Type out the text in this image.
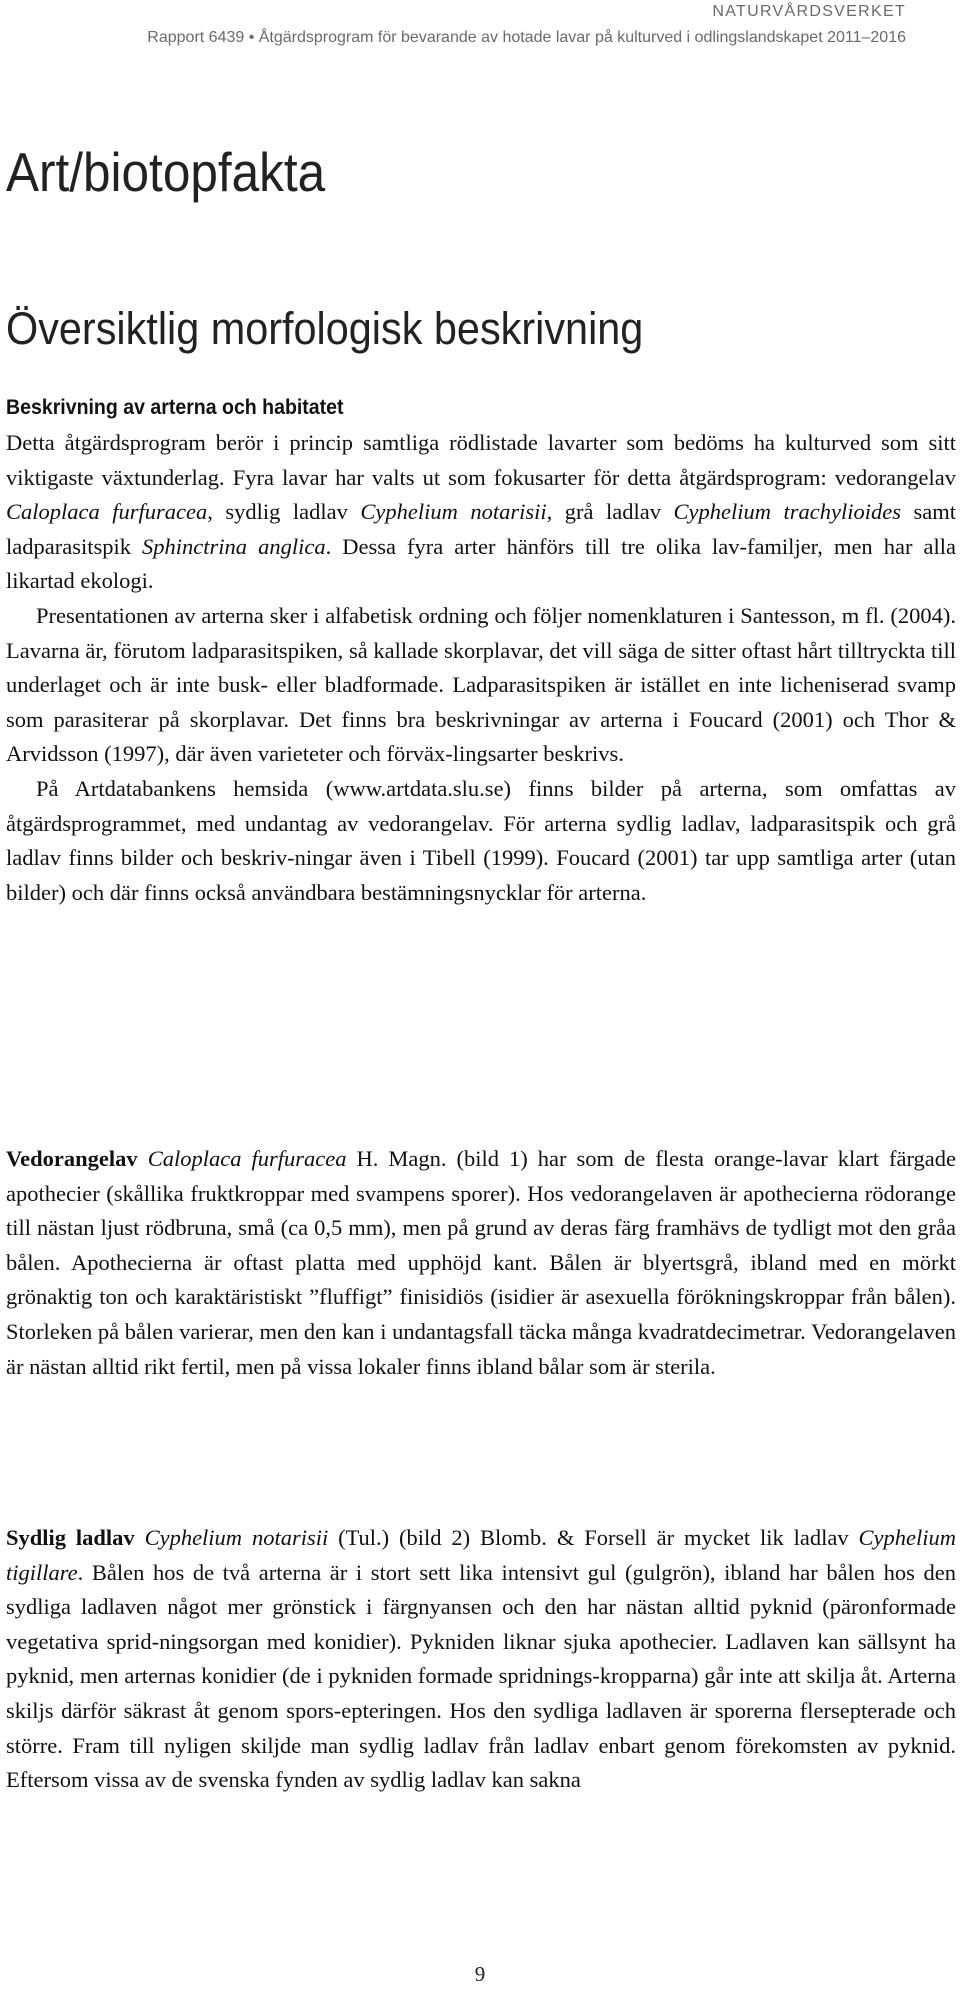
NATURVÅRDSVERKET
Rapport 6439 • Åtgärdsprogram för bevarande av hotade lavar på kulturved i odlingslandskapet 2011–2016
Art/biotopfakta
Översiktlig morfologisk beskrivning
Beskrivning av arterna och habitatet

Detta åtgärdsprogram berör i princip samtliga rödlistade lavarter som bedöms ha kulturved som sitt viktigaste växtunderlag. Fyra lavar har valts ut som fokusarter för detta åtgärdsprogram: vedorangelav Caloplaca furfuracea, sydlig ladlav Cyphelium notarisii, grå ladlav Cyphelium trachylioides samt ladparasitspik Sphinctrina anglica. Dessa fyra arter hänförs till tre olika lav-familjer, men har alla likartad ekologi.

Presentationen av arterna sker i alfabetisk ordning och följer nomenklaturen i Santesson, m fl. (2004). Lavarna är, förutom ladparasitspiken, så kallade skorplavar, det vill säga de sitter oftast hårt tilltryckta till underlaget och är inte busk- eller bladformade. Ladparasitspiken är istället en inte licheniserad svamp som parasiterar på skorplavar. Det finns bra beskrivningar av arterna i Foucard (2001) och Thor & Arvidsson (1997), där även varieteter och förväx-lingsarter beskrivs.

På Artdatabankens hemsida (www.artdata.slu.se) finns bilder på arterna, som omfattas av åtgärdsprogrammet, med undantag av vedorangelav. För arterna sydlig ladlav, ladparasitspik och grå ladlav finns bilder och beskriv-ningar även i Tibell (1999). Foucard (2001) tar upp samtliga arter (utan bilder) och där finns också användbara bestämningsnycklar för arterna.

Vedorangelav Caloplaca furfuracea H. Magn. (bild 1) har som de flesta orange-lavar klart färgade apothecier (skållika fruktkroppar med svampens sporer). Hos vedorangelaven är apothecierna rödorange till nästan ljust rödbruna, små (ca 0,5 mm), men på grund av deras färg framhävs de tydligt mot den gråa bålen. Apothecierna är oftast platta med upphöjd kant. Bålen är blyertsgrå, ibland med en mörkt grönaktig ton och karaktäristiskt ”fluffigt” finisidiös (isidier är asexuella förökningskroppar från bålen). Storleken på bålen varierar, men den kan i undantagsfall täcka många kvadratdecimetrar. Vedorangelaven är nästan alltid rikt fertil, men på vissa lokaler finns ibland bålar som är sterila.

Sydlig ladlav Cyphelium notarisii (Tul.) (bild 2) Blomb. & Forsell är mycket lik ladlav Cyphelium tigillare. Bålen hos de två arterna är i stort sett lika intensivt gul (gulgrön), ibland har bålen hos den sydliga ladlaven något mer grönstick i färgnyansen och den har nästan alltid pyknid (päronformade vegetativa sprid-ningsorgan med konidier). Pykniden liknar sjuka apothecier. Ladlaven kan sällsynt ha pyknid, men arternas konidier (de i pykniden formade spridnings-kropparna) går inte att skilja åt. Arterna skiljs därför säkrast åt genom spors-epteringen. Hos den sydliga ladlaven är sporerna flersepterade och större. Fram till nyligen skiljde man sydlig ladlav från ladlav enbart genom förekomsten av pyknid. Eftersom vissa av de svenska fynden av sydlig ladlav kan sakna

9
